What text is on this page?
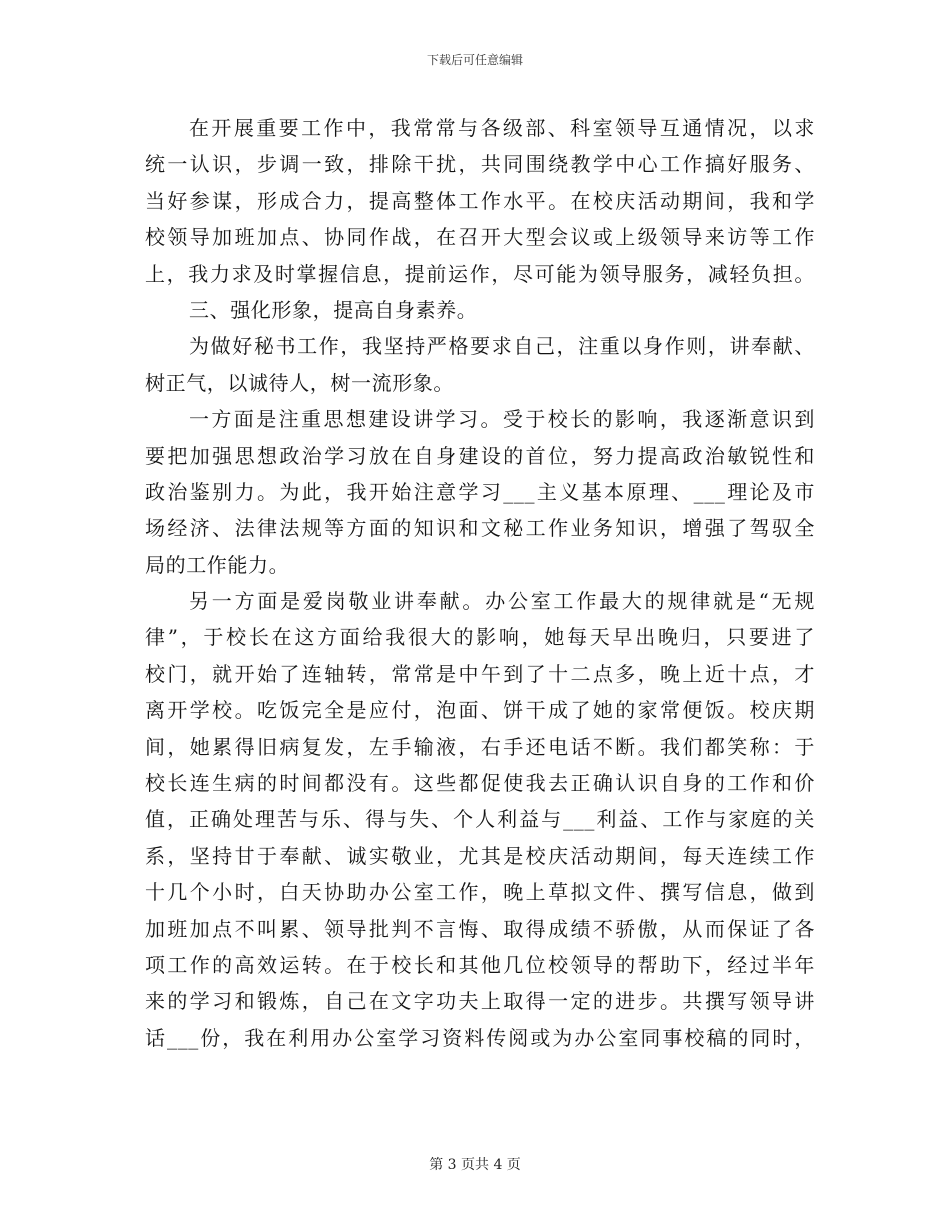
下载后可任意编辑
在开展重要工作中，我常常与各级部、科室领导互通情况，以求
统一认识，步调一致，排除干扰，共同围绕教学中心工作搞好服务、
当好参谋，形成合力，提高整体工作水平。在校庆活动期间，我和学
校领导加班加点、协同作战，在召开大型会议或上级领导来访等工作
上，我力求及时掌握信息，提前运作，尽可能为领导服务，减轻负担。
三、强化形象，提高自身素养。
为做好秘书工作，我坚持严格要求自己，注重以身作则，讲奉献、
树正气，以诚待人，树一流形象。
一方面是注重思想建设讲学习。受于校长的影响，我逐渐意识到
要把加强思想政治学习放在自身建设的首位，努力提高政治敏锐性和
政治鉴别力。为此，我开始注意学习___主义基本原理、___理论及市
场经济、法律法规等方面的知识和文秘工作业务知识，增强了驾驭全
局的工作能力。
另一方面是爱岗敬业讲奉献。办公室工作最大的规律就是“无规
律”，于校长在这方面给我很大的影响，她每天早出晚归，只要进了
校门，就开始了连轴转，常常是中午到了十二点多，晚上近十点，才
离开学校。吃饭完全是应付，泡面、饼干成了她的家常便饭。校庆期
间，她累得旧病复发，左手输液，右手还电话不断。我们都笑称：于
校长连生病的时间都没有。这些都促使我去正确认识自身的工作和价
值，正确处理苦与乐、得与失、个人利益与___利益、工作与家庭的关
系，坚持甘于奉献、诚实敬业，尤其是校庆活动期间，每天连续工作
十几个小时，白天协助办公室工作，晚上草拟文件、撰写信息，做到
加班加点不叫累、领导批判不言悔、取得成绩不骄傲，从而保证了各
项工作的高效运转。在于校长和其他几位校领导的帮助下，经过半年
来的学习和锻炼，自己在文字功夫上取得一定的进步。共撰写领导讲
话___份，我在利用办公室学习资料传阅或为办公室同事校稿的同时，
第 3 页共 4 页
